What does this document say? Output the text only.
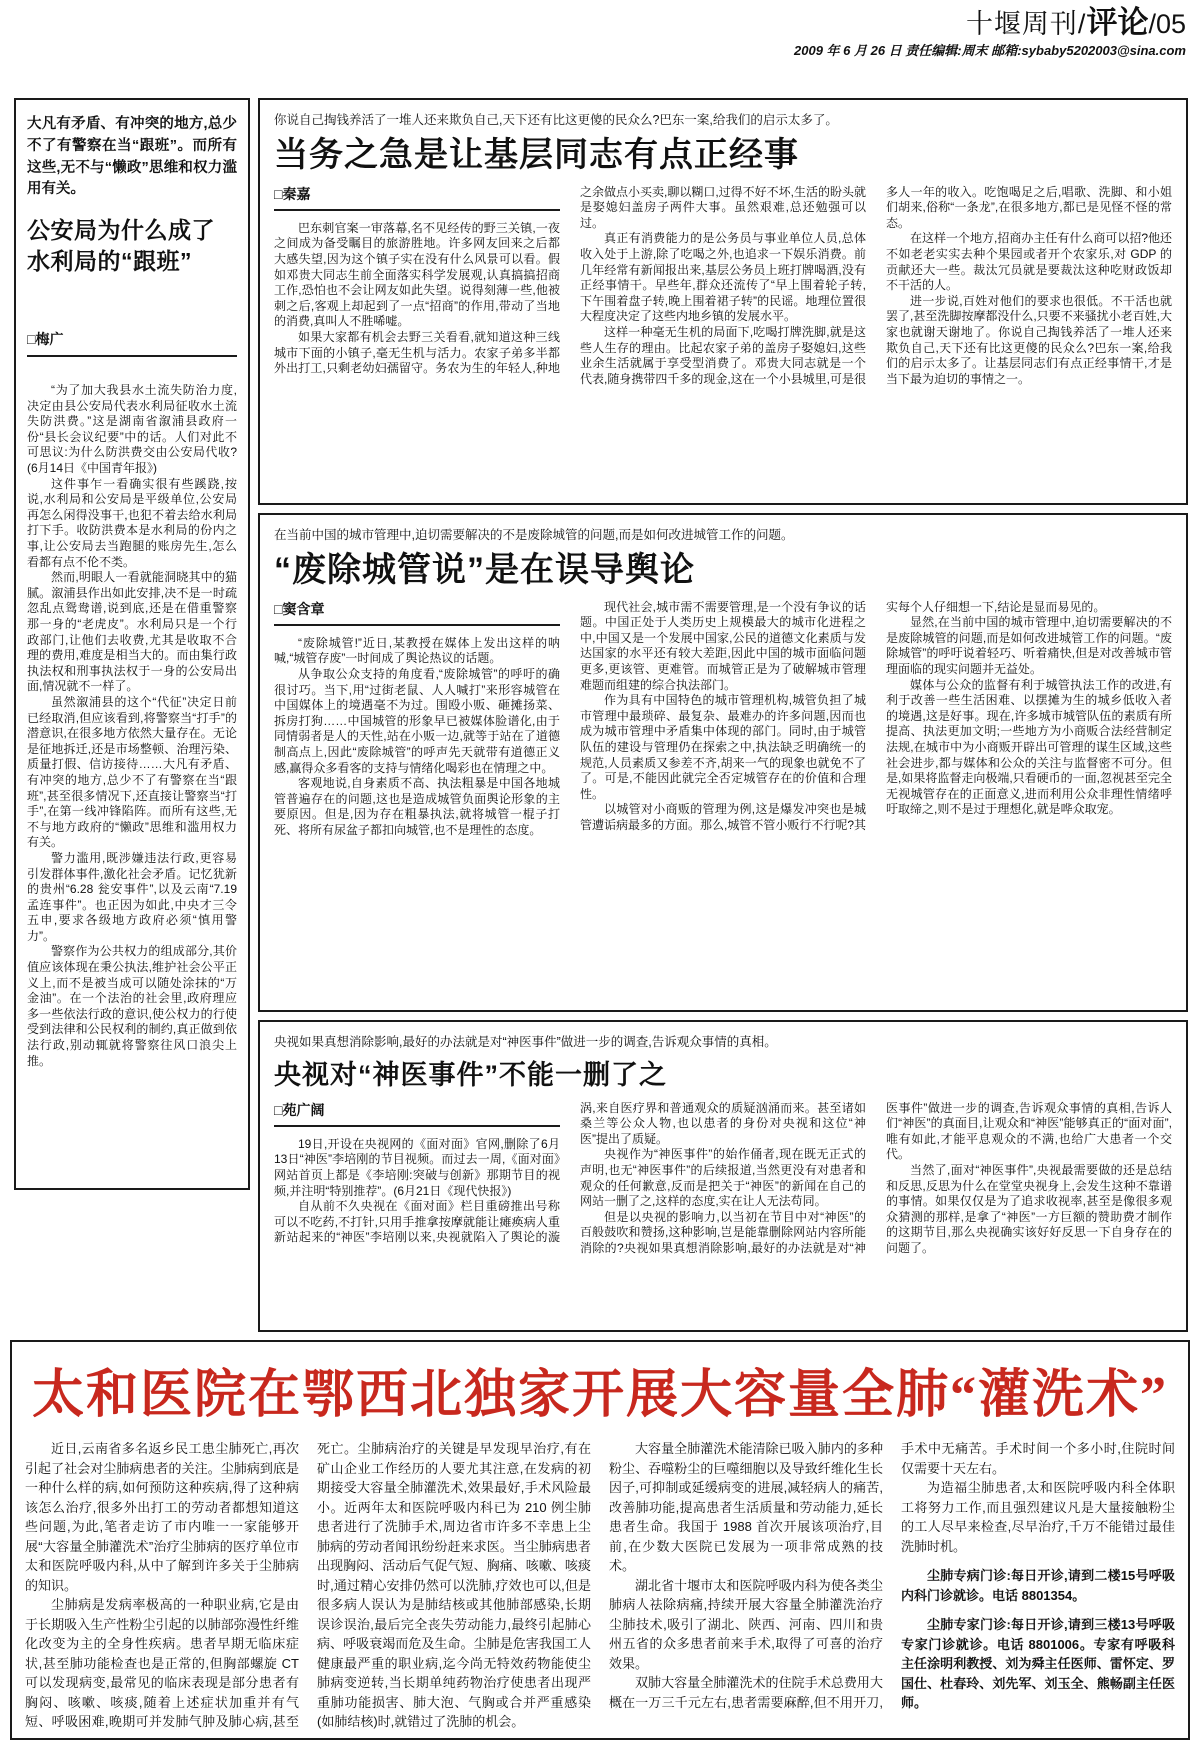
十堰周刊/评论/05
2009 年 6 月 26 日 责任编辑:周末 邮箱:sybaby5202003@sina.com
大凡有矛盾、有冲突的地方,总少不了有警察在当“跟班”。而所有这些,无不与“懒政”思维和权力滥用有关。
公安局为什么成了水利局的“跟班”
□梅广

“为了加大我县水土流失防治力度,决定由县公安局代表水利局征收水土流失防洪费。”这是湖南省溆浦县政府一份“县长会议纪要”中的话。人们对此不可思议:为什么防洪费交由公安局代收?(6月14日《中国青年报》)

这件事乍一看确实很有些蹊跷,按说,水利局和公安局是平级单位,公安局再怎么闲得没事干,也犯不着去给水利局打下手。收防洪费本是水利局的份内之事,让公安局去当跑腿的账房先生,怎么看都有点不伦不类。

然而,明眼人一看就能洞晓其中的猫腻。溆浦县作出如此安排,决不是一时疏忽乱点鸳鸯谱,说到底,还是在借重警察那一身的“老虎皮”。水利局只是一个行政部门,让他们去收费,尤其是收取不合理的费用,难度是相当大的。而由集行政执法权和刑事执法权于一身的公安局出面,情况就不一样了。

虽然溆浦县的这个“代征”决定日前已经取消,但应该看到,将警察当“打手”的潜意识,在很多地方依然大量存在。无论是征地拆迁,还是市场整顿、治理污染、质量打假、信访接待……大凡有矛盾、有冲突的地方,总少不了有警察在当“跟班”,甚至很多情况下,还直接让警察当“打手”,在第一线冲锋陷阵。而所有这些,无不与地方政府的“懒政”思维和滥用权力有关。

警力滥用,既涉嫌违法行政,更容易引发群体事件,激化社会矛盾。记忆犹新的贵州“6.28 瓮安事件”,以及云南“7.19 孟连事件”。也正因为如此,中央才三令五申,要求各级地方政府必须“慎用警力”。

警察作为公共权力的组成部分,其价值应该体现在秉公执法,维护社会公平正义上,而不是被当成可以随处涂抹的“万金油”。在一个法治的社会里,政府理应多一些依法行政的意识,使公权力的行使受到法律和公民权利的制约,真正做到依法行政,别动辄就将警察往风口浪尖上推。

你说自己掏钱养活了一堆人还来欺负自己,天下还有比这更傻的民众么?巴东一案,给我们的启示太多了。
当务之急是让基层同志有点正经事
□秦嘉

巴东刺官案一审落幕,名不见经传的野三关镇,一夜之间成为备受瞩目的旅游胜地。许多网友回来之后都大感失望,因为这个镇子实在没有什么风景可以看。假如邓贵大同志生前全面落实科学发展观,认真搞搞招商工作,恐怕也不会让网友如此失望。说得刻薄一些,他被刺之后,客观上却起到了一点“招商”的作用,带动了当地的消费,真叫人不胜唏嘘。

如果大家都有机会去野三关看看,就知道这种三线城市下面的小镇子,毫无生机与活力。农家子弟多半都外出打工,只剩老幼妇孺留守。务农为生的年轻人,种地之余做点小买卖,聊以糊口,过得不好不坏,生活的盼头就是娶媳妇盖房子两件大事。虽然艰难,总还勉强可以过。

真正有消费能力的是公务员与事业单位人员,总体收入处于上游,除了吃喝之外,也追求一下娱乐消费。前几年经常有新闻报出来,基层公务员上班打牌喝酒,没有正经事情干。早些年,群众还流传了“早上围着轮子转,下午围着盘子转,晚上围着裙子转”的民谣。地理位置很大程度决定了这些内地乡镇的发展水平。

这样一种毫无生机的局面下,吃喝打牌洗脚,就是这些人生存的理由。比起农家子弟的盖房子娶媳妇,这些业余生活就属于享受型消费了。邓贵大同志就是一个代表,随身携带四千多的现金,这在一个小县城里,可是很多人一年的收入。吃饱喝足之后,唱歌、洗脚、和小姐们胡来,俗称“一条龙”,在很多地方,都已是见怪不怪的常态。

在这样一个地方,招商办主任有什么商可以招?他还不如老老实实去种个果园或者开个农家乐,对 GDP 的贡献还大一些。裁汰冗员就是要裁汰这种吃财政饭却不干活的人。

进一步说,百姓对他们的要求也很低。不干活也就罢了,甚至洗脚按摩都没什么,只要不来骚扰小老百姓,大家也就谢天谢地了。你说自己掏钱养活了一堆人还来欺负自己,天下还有比这更傻的民众么?巴东一案,给我们的启示太多了。让基层同志们有点正经事情干,才是当下最为迫切的事情之一。

在当前中国的城市管理中,迫切需要解决的不是废除城管的问题,而是如何改进城管工作的问题。
“废除城管说”是在误导舆论
□窦含章

“废除城管!”近日,某教授在媒体上发出这样的呐喊,“城管存废”一时间成了舆论热议的话题。

从争取公众支持的角度看,“废除城管”的呼吁的确很讨巧。当下,用“过街老鼠、人人喊打”来形容城管在中国媒体上的境遇毫不为过。围殴小贩、砸摊扬菜、拆房打狗……中国城管的形象早已被媒体脸谱化,由于同情弱者是人的天性,站在小贩一边,就等于站在了道德制高点上,因此“废除城管”的呼声先天就带有道德正义感,赢得众多看客的支持与情绪化喝彩也在情理之中。

客观地说,自身素质不高、执法粗暴是中国各地城管普遍存在的问题,这也是造成城管负面舆论形象的主要原因。但是,因为存在粗暴执法,就将城管一棍子打死、将所有尿盆子都扣向城管,也不是理性的态度。

现代社会,城市需不需要管理,是一个没有争议的话题。中国正处于人类历史上规模最大的城市化进程之中,中国又是一个发展中国家,公民的道德文化素质与发达国家的水平还有较大差距,因此中国的城市面临问题更多,更该管、更难管。而城管正是为了破解城市管理难题而组建的综合执法部门。

作为具有中国特色的城市管理机构,城管负担了城市管理中最琐碎、最复杂、最难办的许多问题,因而也成为城市管理中矛盾集中体现的部门。同时,由于城管队伍的建设与管理仍在探索之中,执法缺乏明确统一的规范,人员素质又参差不齐,胡来一气的现象也就免不了了。可是,不能因此就完全否定城管存在的价值和合理性。

以城管对小商贩的管理为例,这是爆发冲突也是城管遭诟病最多的方面。那么,城管不管小贩行不行呢?其实每个人仔细想一下,结论是显而易见的。

显然,在当前中国的城市管理中,迫切需要解决的不是废除城管的问题,而是如何改进城管工作的问题。“废除城管”的呼吁说着轻巧、听着痛快,但是对改善城市管理面临的现实问题并无益处。

媒体与公众的监督有利于城管执法工作的改进,有利于改善一些生活困难、以摆摊为生的城乡低收入者的境遇,这是好事。现在,许多城市城管队伍的素质有所提高、执法更加文明;一些地方为小商贩合法经营制定法规,在城市中为小商贩开辟出可管理的谋生区域,这些社会进步,都与媒体和公众的关注与监督密不可分。但是,如果将监督走向极端,只看硬币的一面,忽视甚至完全无视城管存在的正面意义,进而利用公众非理性情绪呼吁取缔之,则不是过于理想化,就是哗众取宠。

央视如果真想消除影响,最好的办法就是对“神医事件”做进一步的调查,告诉观众事情的真相。
央视对“神医事件”不能一删了之
□苑广阔

19日,开设在央视网的《面对面》官网,删除了6月13日“神医”李培刚的节目视频。而过去一周,《面对面》网站首页上都是《李培刚:突破与创新》那期节目的视频,并注明“特别推荐”。(6月21日《现代快报》)

自从前不久央视在《面对面》栏目重磅推出号称可以不吃药,不打针,只用手推拿按摩就能让瘫痪病人重新站起来的“神医”李培刚以来,央视就陷入了舆论的漩涡,来自医疗界和普通观众的质疑汹涌而来。甚至诸如桑兰等公众人物,也以患者的身份对央视和这位“神医”提出了质疑。

央视作为“神医事件”的始作俑者,现在既无正式的声明,也无“神医事件”的后续报道,当然更没有对患者和观众的任何歉意,反而是把关于“神医”的新闻在自己的网站一删了之,这样的态度,实在让人无法苟同。

但是以央视的影响力,以当初在节目中对“神医”的百般鼓吹和赞扬,这种影响,岂是能靠删除网站内容所能消除的?央视如果真想消除影响,最好的办法就是对“神医事件”做进一步的调查,告诉观众事情的真相,告诉人们“神医”的真面目,让观众和“神医”能够真正的“面对面”,唯有如此,才能平息观众的不满,也给广大患者一个交代。

当然了,面对“神医事件”,央视最需要做的还是总结和反思,反思为什么在堂堂央视身上,会发生这种不靠谱的事情。如果仅仅是为了追求收视率,甚至是像很多观众猜测的那样,是拿了“神医”一方巨额的赞助费才制作的这期节目,那么央视确实该好好反思一下自身存在的问题了。

太和医院在鄂西北独家开展大容量全肺“灌洗术”

近日,云南省多名返乡民工患尘肺死亡,再次引起了社会对尘肺病患者的关注。尘肺病到底是一种什么样的病,如何预防这种疾病,得了这种病该怎么治疗,很多外出打工的劳动者都想知道这些问题,为此,笔者走访了市内唯一一家能够开展“大容量全肺灌洗术”治疗尘肺病的医疗单位市太和医院呼吸内科,从中了解到许多关于尘肺病的知识。

尘肺病是发病率极高的一种职业病,它是由于长期吸入生产性粉尘引起的以肺部弥漫性纤维化改变为主的全身性疾病。患者早期无临床症状,甚至肺功能检查也是正常的,但胸部螺旋 CT 可以发现病变,最常见的临床表现是部分患者有胸闷、咳嗽、咳痰,随着上述症状加重并有气短、呼吸困难,晚期可并发肺气肿及肺心病,甚至死亡。尘肺病治疗的关键是早发现早治疗,有在矿山企业工作经历的人要尤其注意,在发病的初期接受大容量全肺灌洗术,效果最好,手术风险最小。近两年太和医院呼吸内科已为 210 例尘肺患者进行了洗肺手术,周边省市许多不幸患上尘肺病的劳动者闻讯纷纷赶来求医。当尘肺病患者出现胸闷、活动后气促气短、胸痛、咳嗽、咳痰时,通过精心安排仍然可以洗肺,疗效也可以,但是很多病人误认为是肺结核或其他肺部感染,长期误诊误治,最后完全丧失劳动能力,最终引起肺心病、呼吸衰竭而危及生命。尘肺是危害我国工人健康最严重的职业病,迄今尚无特效药物能使尘肺病变逆转,当长期单纯药物治疗使患者出现严重肺功能损害、肺大泡、气胸或合并严重感染(如肺结核)时,就错过了洗肺的机会。

大容量全肺灌洗术能清除已吸入肺内的多种粉尘、吞噬粉尘的巨噬细胞以及导致纤维化生长因子,可抑制或延缓病变的进展,减轻病人的痛苦,改善肺功能,提高患者生活质量和劳动能力,延长患者生命。我国于 1988 首次开展该项治疗,目前,在少数大医院已发展为一项非常成熟的技术。

湖北省十堰市太和医院呼吸内科为使各类尘肺病人祛除病痛,持续开展大容量全肺灌洗治疗尘肺技术,吸引了湖北、陕西、河南、四川和贵州五省的众多患者前来手术,取得了可喜的治疗效果。

双肺大容量全肺灌洗术的住院手术总费用大概在一万三千元左右,患者需要麻醉,但不用开刀,手术中无痛苦。手术时间一个多小时,住院时间仅需要十天左右。

为造福尘肺患者,太和医院呼吸内科全体职工将努力工作,而且强烈建议凡是大量接触粉尘的工人尽早来检查,尽早治疗,千万不能错过最佳洗肺时机。

尘肺专病门诊:每日开诊,请到二楼15号呼吸内科门诊就诊。电话 8801354。

尘肺专家门诊:每日开诊,请到三楼13号呼吸专家门诊就诊。电话 8801006。专家有呼吸科主任涂明利教授、刘为舜主任医师、雷怀定、罗国仕、杜春玲、刘先军、刘玉全、熊畅副主任医师。
